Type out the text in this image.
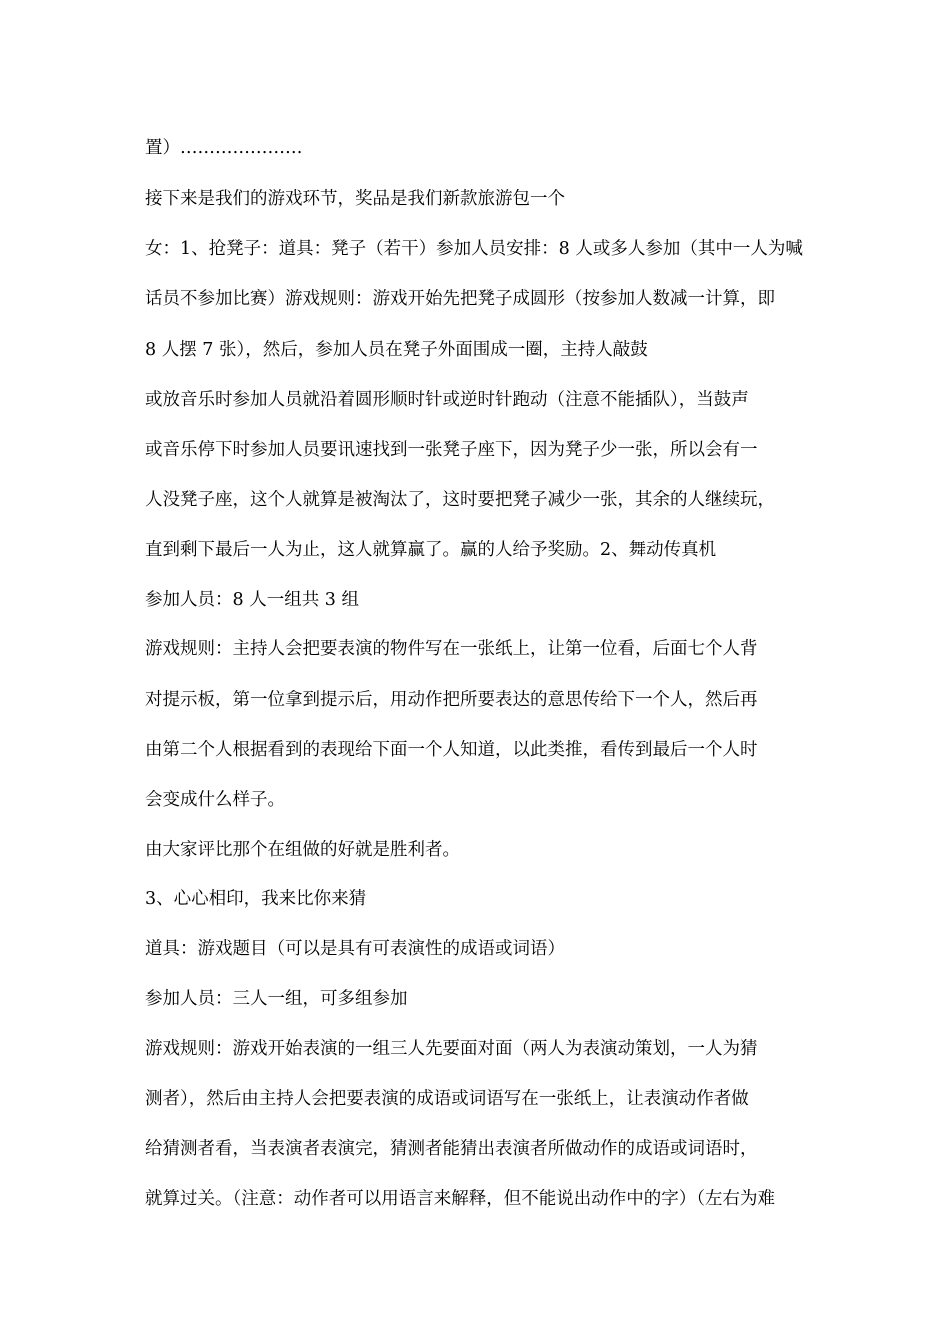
置）…………………
接下来是我们的游戏环节，奖品是我们新款旅游包一个
女：1、抢凳子：道具：凳子（若干）参加人员安排：8 人或多人参加（其中一人为喊
话员不参加比赛）游戏规则：游戏开始先把凳子成圆形（按参加人数减一计算，即
8 人摆 7 张），然后，参加人员在凳子外面围成一圈，主持人敲鼓
或放音乐时参加人员就沿着圆形顺时针或逆时针跑动（注意不能插队），当鼓声
或音乐停下时参加人员要讯速找到一张凳子座下，因为凳子少一张，所以会有一
人没凳子座，这个人就算是被淘汰了，这时要把凳子减少一张，其余的人继续玩，
直到剩下最后一人为止，这人就算赢了。赢的人给予奖励。2、舞动传真机
参加人员：8 人一组共 3 组
游戏规则：主持人会把要表演的物件写在一张纸上，让第一位看，后面七个人背
对提示板，第一位拿到提示后，用动作把所要表达的意思传给下一个人，然后再
由第二个人根据看到的表现给下面一个人知道，以此类推，看传到最后一个人时
会变成什么样子。
由大家评比那个在组做的好就是胜利者。
3、心心相印，我来比你来猜
道具：游戏题目（可以是具有可表演性的成语或词语）
参加人员：三人一组，可多组参加
游戏规则：游戏开始表演的一组三人先要面对面（两人为表演动策划，一人为猜
测者），然后由主持人会把要表演的成语或词语写在一张纸上，让表演动作者做
给猜测者看，当表演者表演完，猜测者能猜出表演者所做动作的成语或词语时，
就算过关。（注意：动作者可以用语言来解释，但不能说出动作中的字）（左右为难
